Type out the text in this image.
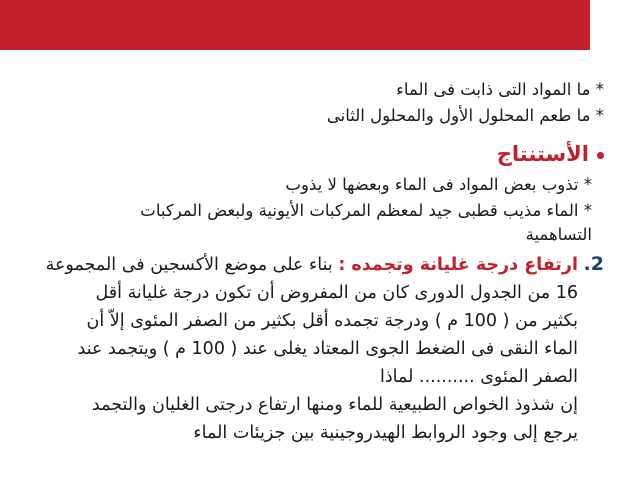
* ما المواد التى ذابت فى الماء
* ما طعم المحلول الأول والمحلول الثانى
الأستنتاج
* تذوب بعض المواد فى الماء وبعضها لا يذوب
* الماء مذيب قطبى جيد لمعظم المركبات الأيونية ولبعض المركبات
التساهمية
2. ارتفاع درجة غليانة وتجمده : بناء على موضع الأكسجين فى المجموعة
16 من الجدول الدورى كان من المفروض أن تكون درجة غليانة أقل
بكثير من ( 100 م ) ودرجة تجمده أقل بكثير من الصفر المئوى إلاّ أن
الماء النقى فى الضغط الجوى المعتاد يغلى عند ( 100 م ) ويتجمد عند
الصفر المئوى .......... لماذا
إن شذوذ الخواص الطبيعية للماء ومنها ارتفاع درجتى الغليان والتجمد
يرجع إلى وجود الروابط الهيدروجينية بين جزيئات الماء
